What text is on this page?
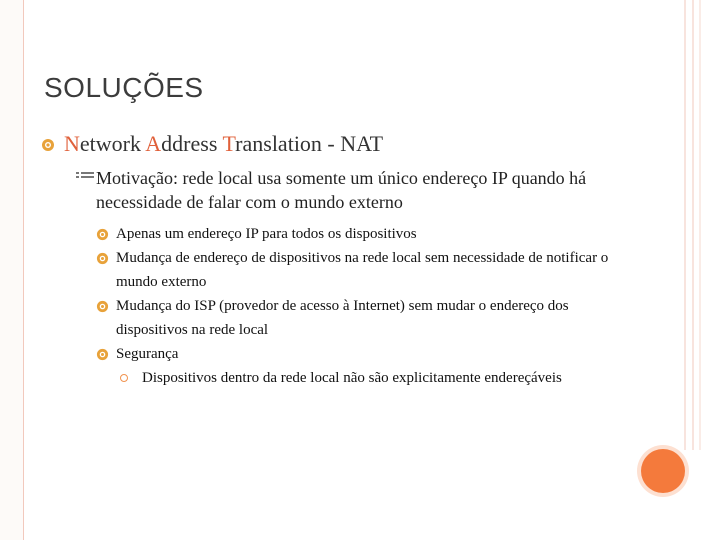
SOLUÇÕES
Network Address Translation - NAT
Motivação: rede local usa somente um único endereço IP quando há necessidade de falar com o mundo externo
Apenas um endereço IP para todos os dispositivos
Mudança de endereço de dispositivos na rede local sem necessidade de notificar o mundo externo
Mudança do ISP (provedor de acesso à Internet) sem mudar o endereço dos dispositivos na rede local
Segurança
Dispositivos dentro da rede local não são explicitamente endereçáveis
